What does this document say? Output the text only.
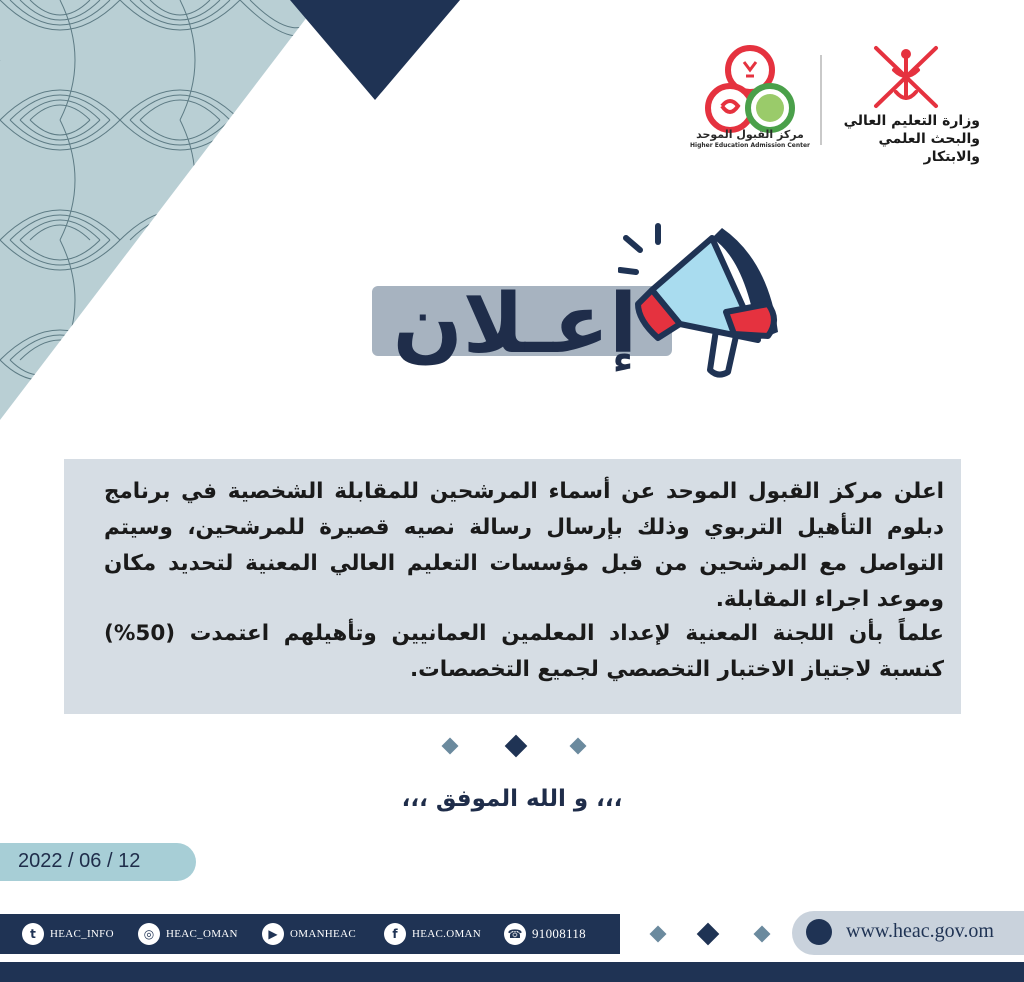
مركز القبول الموحد
Higher Education Admission Center
وزارة التعليم العالي
والبحث العلمي والابتكار
إعـلان
اعلن مركز القبول الموحد عن أسماء المرشحين للمقابلة الشخصية في برنامج دبلوم التأهيل التربوي وذلك بإرسال رسالة نصيه قصيرة للمرشحين، وسيتم التواصل مع المرشحين من قبل مؤسسات التعليم العالي المعنية لتحديد مكان وموعد اجراء المقابلة.
علماً بأن اللجنة المعنية لإعداد المعلمين العمانيين وتأهيلهم اعتمدت (50%) كنسبة لاجتياز الاختبار التخصصي لجميع التخصصات.
،،، و الله الموفق ،،،
2022 / 06 / 12
t	HEAC_INFO	◎	HEAC_OMAN	▶	OMANHEAC	f	HEAC.OMAN ☎ 91008118	www.heac.gov.om
